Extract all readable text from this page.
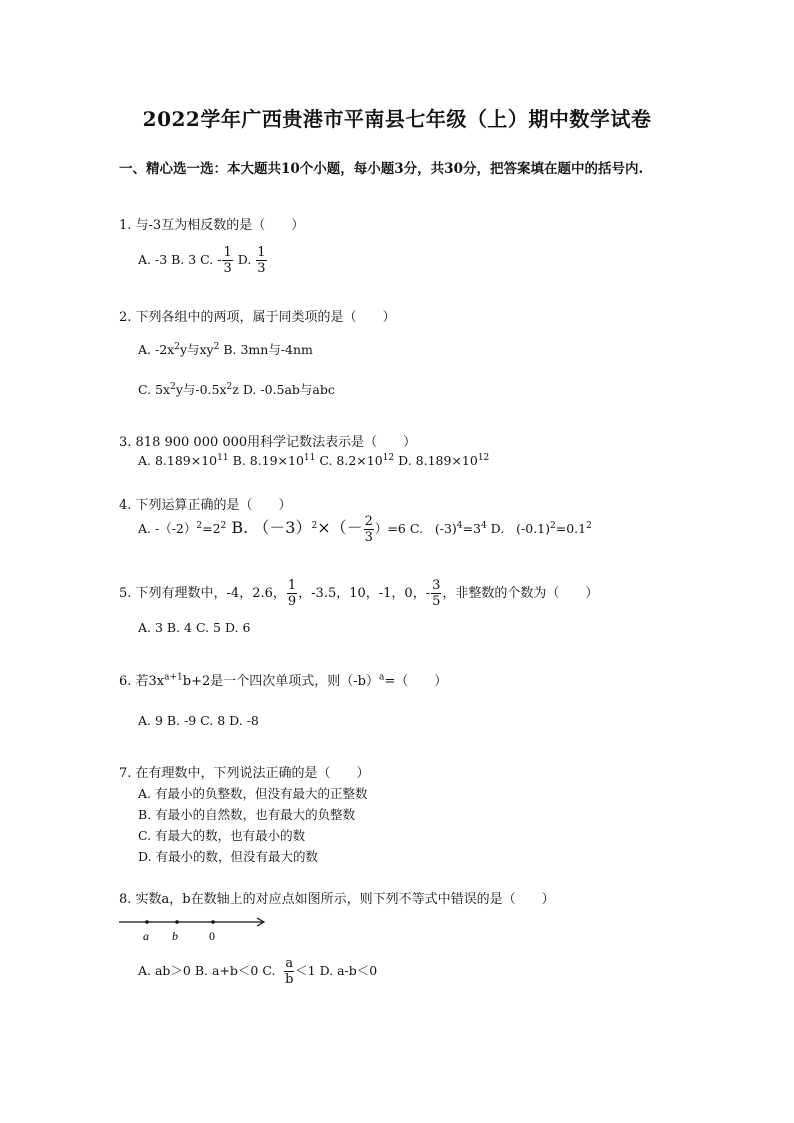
2022学年广西贵港市平南县七年级（上）期中数学试卷
一、精心选一选：本大题共10个小题，每小题3分，共30分，把答案填在题中的括号内.
1. 与-3互为相反数的是（　　）
A. -3 B. 3 C. - $\frac{1}{3} D$. $\frac{1}{3}$
2. 下列各组中的两项，属于同类项的是（　　）
A. $-2x^2y$与$xy^2$ B. 3mn与-4nm
C. $5x^2y$与$-0.5x^2z$ D. -0.5ab与abc
3. 818 900 000 000用科学记数法表示是（　　）
A. $8.189\times 10^{11}$ B. $8.19\times 10^{11}$ C. $8.2\times 10^{12}$ D. $8.189\times 10^{12}$
4. 下列运算正确的是（　　）
A. $-(-2)^2=2^2$ B. $(-3)^2\times(- \frac{2}{3} )=6$ C. $(-3)^4=3^4$ D. $(-0.1)^2=0.1^2$
5. 下列有理数中，-4，2.6， $\frac{1}{9}$ ，-3.5，10，-1，0，- $\frac{3}{5}$ ，非整数的个数为（　　）
A. 3 B. 4 C. 5 D. 6
6. 若$3x^{a+1}b+2$是一个四次单项式，则$(-b)^a=$（　　）
A. 9 B. -9 C. 8 D. -8
7. 在有理数中，下列说法正确的是（　　）
A. 有最小的负整数，但没有最大的正整数
B. 有最小的自然数，也有最大的负整数
C. 有最大的数，也有最小的数
D. 有最小的数，但没有最大的数
8. 实数a，b在数轴上的对应点如图所示，则下列不等式中错误的是（　　）
a b	0
A. ab＞0 B. a+b＜0 C. $\frac{a}{b} <1$ D. a-b＜0
